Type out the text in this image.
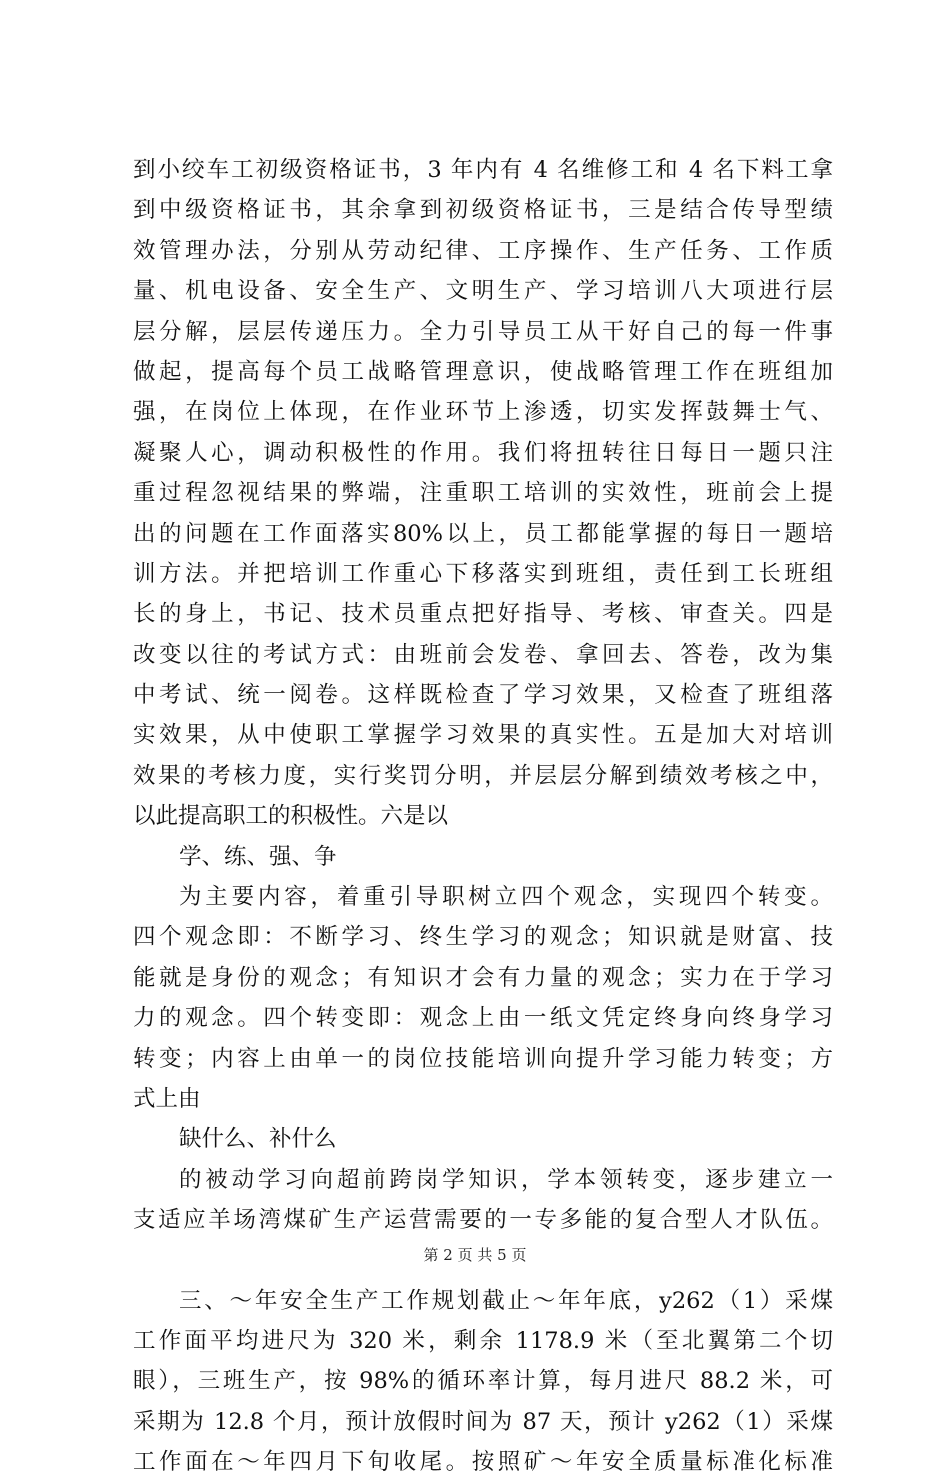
到小绞车工初级资格证书，3 年内有 4 名维修工和 4 名下料工拿
到中级资格证书，其余拿到初级资格证书，三是结合传导型绩
效管理办法，分别从劳动纪律、工序操作、生产任务、工作质
量、机电设备、安全生产、文明生产、学习培训八大项进行层
层分解，层层传递压力。全力引导员工从干好自己的每一件事
做起，提高每个员工战略管理意识，使战略管理工作在班组加
强，在岗位上体现，在作业环节上渗透，切实发挥鼓舞士气、
凝聚人心，调动积极性的作用。我们将扭转往日每日一题只注
重过程忽视结果的弊端，注重职工培训的实效性，班前会上提
出的问题在工作面落实80%以上，员工都能掌握的每日一题培
训方法。并把培训工作重心下移落实到班组，责任到工长班组
长的身上，书记、技术员重点把好指导、考核、审查关。四是
改变以往的考试方式：由班前会发卷、拿回去、答卷，改为集
中考试、统一阅卷。这样既检查了学习效果，又检查了班组落
实效果，从中使职工掌握学习效果的真实性。五是加大对培训
效果的考核力度，实行奖罚分明，并层层分解到绩效考核之中，
以此提高职工的积极性。六是以
学、练、强、争
为主要内容，着重引导职树立四个观念，实现四个转变。
四个观念即：不断学习、终生学习的观念；知识就是财富、技
能就是身份的观念；有知识才会有力量的观念；实力在于学习
力的观念。四个转变即：观念上由一纸文凭定终身向终身学习
转变；内容上由单一的岗位技能培训向提升学习能力转变；方
式上由
缺什么、补什么
的被动学习向超前跨岗学知识，学本领转变，逐步建立一
支适应羊场湾煤矿生产运营需要的一专多能的复合型人才队伍。
三、～年安全生产工作规划截止～年年底，y262（1）采煤
工作面平均进尺为 320 米，剩余 1178.9 米（至北翼第二个切
眼），三班生产，按 98%的循环率计算，每月进尺 88.2 米，可
采期为 12.8 个月，预计放假时间为 87 天，预计 y262（1）采煤
工作面在～年四月下旬收尾。按照矿～年安全质量标准化标准
第 2 页 共 5 页
